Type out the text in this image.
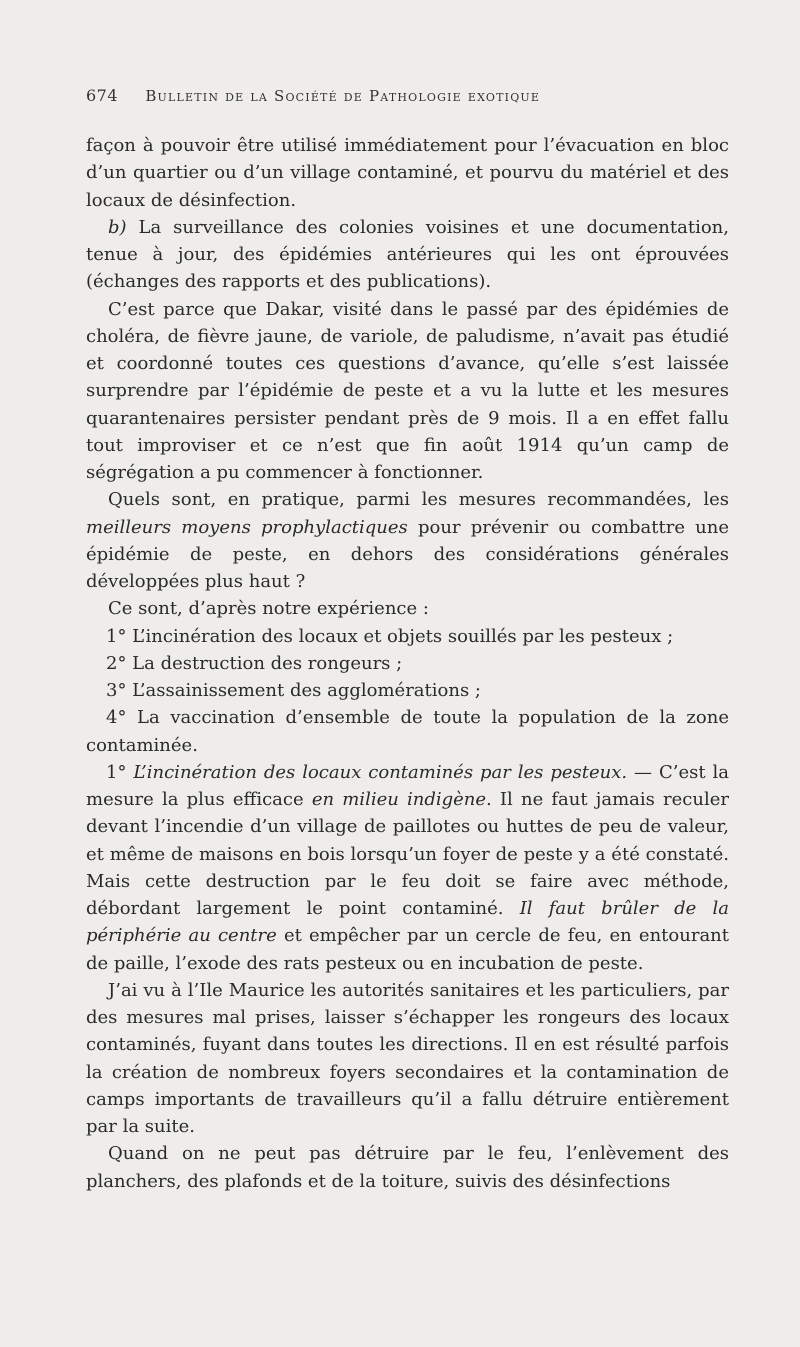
674 Bulletin de la Société de Pathologie exotique

façon à pouvoir être utilisé immédiatement pour l’évacuation en bloc d’un quartier ou d’un village contaminé, et pourvu du matériel et des locaux de désinfection.

b) La surveillance des colonies voisines et une documentation, tenue à jour, des épidémies antérieures qui les ont éprouvées (échanges des rapports et des publications).

C’est parce que Dakar, visité dans le passé par des épidémies de choléra, de fièvre jaune, de variole, de paludisme, n’avait pas étudié et coordonné toutes ces questions d’avance, qu’elle s’est laissée surprendre par l’épidémie de peste et a vu la lutte et les mesures quarantenaires persister pendant près de 9 mois. Il a en effet fallu tout improviser et ce n’est que fin août 1914 qu’un camp de ségrégation a pu commencer à fonctionner.

Quels sont, en pratique, parmi les mesures recommandées, les meilleurs moyens prophylactiques pour prévenir ou combattre une épidémie de peste, en dehors des considérations générales développées plus haut ?

Ce sont, d’après notre expérience :

1° L’incinération des locaux et objets souillés par les pesteux ;

2° La destruction des rongeurs ;

3° L’assainissement des agglomérations ;

4° La vaccination d’ensemble de toute la population de la zone contaminée.

1° L’incinération des locaux contaminés par les pesteux. — C’est la mesure la plus efficace en milieu indigène. Il ne faut jamais reculer devant l’incendie d’un village de paillotes ou huttes de peu de valeur, et même de maisons en bois lorsqu’un foyer de peste y a été constaté. Mais cette destruction par le feu doit se faire avec méthode, débordant largement le point contaminé. Il faut brûler de la périphérie au centre et empêcher par un cercle de feu, en entourant de paille, l’exode des rats pesteux ou en incubation de peste.

J’ai vu à l’Ile Maurice les autorités sanitaires et les particuliers, par des mesures mal prises, laisser s’échapper les rongeurs des locaux contaminés, fuyant dans toutes les directions. Il en est résulté parfois la création de nombreux foyers secondaires et la contamination de camps importants de travailleurs qu’il a fallu détruire entièrement par la suite.

Quand on ne peut pas détruire par le feu, l’enlèvement des planchers, des plafonds et de la toiture, suivis des désinfections
